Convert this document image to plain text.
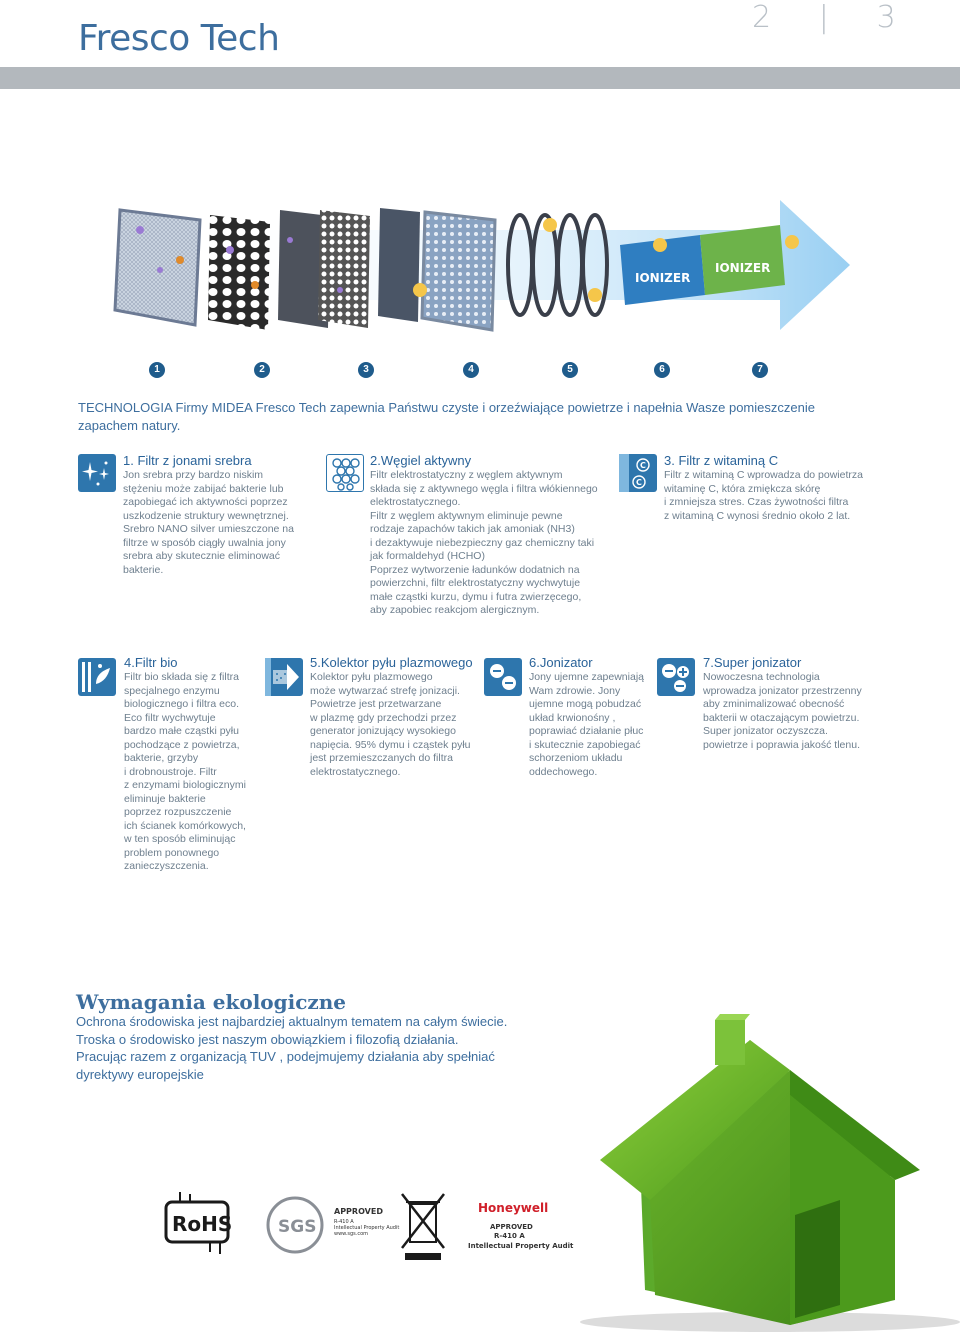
Fresco Tech
2 | 3
IONIZER
IONIZER
1	2	3	4	5	6	7
TECHNOLOGIA Firmy MIDEA Fresco Tech zapewnia Państwu czyste i orzeźwiające powietrze i napełnia Wasze pomieszczenie zapachem natury.
1. Filtr z jonami srebra
Jon srebra przy bardzo niskim
stężeniu może zabijać bakterie lub
zapobiegać ich aktywności poprzez
uszkodzenie struktury wewnętrznej.
Srebro NANO silver umieszczone na
filtrze w sposób ciągły uwalnia jony
srebra aby skutecznie eliminować
bakterie.
2.Węgiel aktywny
Filtr elektrostatyczny z węglem aktywnym
składa się z aktywnego węgla i filtra włókiennego
elektrostatycznego.
Filtr z węglem aktywnym eliminuje pewne
rodzaje zapachów takich jak amoniak (NH3)
i dezaktywuje niebezpieczny gaz chemiczny taki
jak formaldehyd (HCHO)
Poprzez wytworzenie ładunków dodatnich na
powierzchni, filtr elektrostatyczny wychwytuje
małe cząstki kurzu, dymu i futra zwierzęcego,
aby zapobiec reakcjom alergicznym.
C
C
3. Filtr z witaminą C
Filtr z witaminą C wprowadza do powietrza
witaminę C, która zmiękcza skórę
i zmniejsza stres. Czas żywotności filtra
z witaminą C wynosi średnio około 2 lat.
4.Filtr bio
Filtr bio składa się z filtra
specjalnego enzymu
biologicznego i filtra eco.
Eco filtr wychwytuje
bardzo małe cząstki pyłu
pochodzące z powietrza,
bakterie, grzyby
i drobnoustroje. Filtr
z enzymami biologicznymi
eliminuje bakterie
poprzez rozpuszczenie
ich ścianek komórkowych,
w ten sposób eliminując
problem ponownego
zanieczyszczenia.
5.Kolektor pyłu plazmowego
Kolektor pyłu plazmowego
może wytwarzać strefę jonizacji.
Powietrze jest przetwarzane
w plazmę gdy przechodzi przez
generator jonizujący wysokiego
napięcia. 95% dymu i cząstek pyłu
jest przemieszczanych do filtra
elektrostatycznego.
6.Jonizator
Jony ujemne zapewniają
Wam zdrowie. Jony
ujemne mogą pobudzać
układ krwionośny ,
poprawiać działanie płuc
i skutecznie zapobiegać
schorzeniom układu
oddechowego.
7.Super jonizator
Nowoczesna technologia
wprowadza jonizator przestrzenny
aby zminimalizować obecność
bakterii w otaczającym powietrzu.
Super jonizator oczyszcza.
powietrze i poprawia jakość tlenu.
Wymagania ekologiczne
Ochrona środowiska jest najbardziej aktualnym tematem na całym świecie.
Troska o środowisko jest naszym obowiązkiem i filozofią działania.
Pracując razem z organizacją TUV , podejmujemy działania aby spełniać
dyrektywy europejskie
RoHS	SGS
APPROVED
R-410 A
Intellectual Property Audit
www.sgs.com
Honeywell
APPROVED
R-410 A
Intellectual Property Audit
